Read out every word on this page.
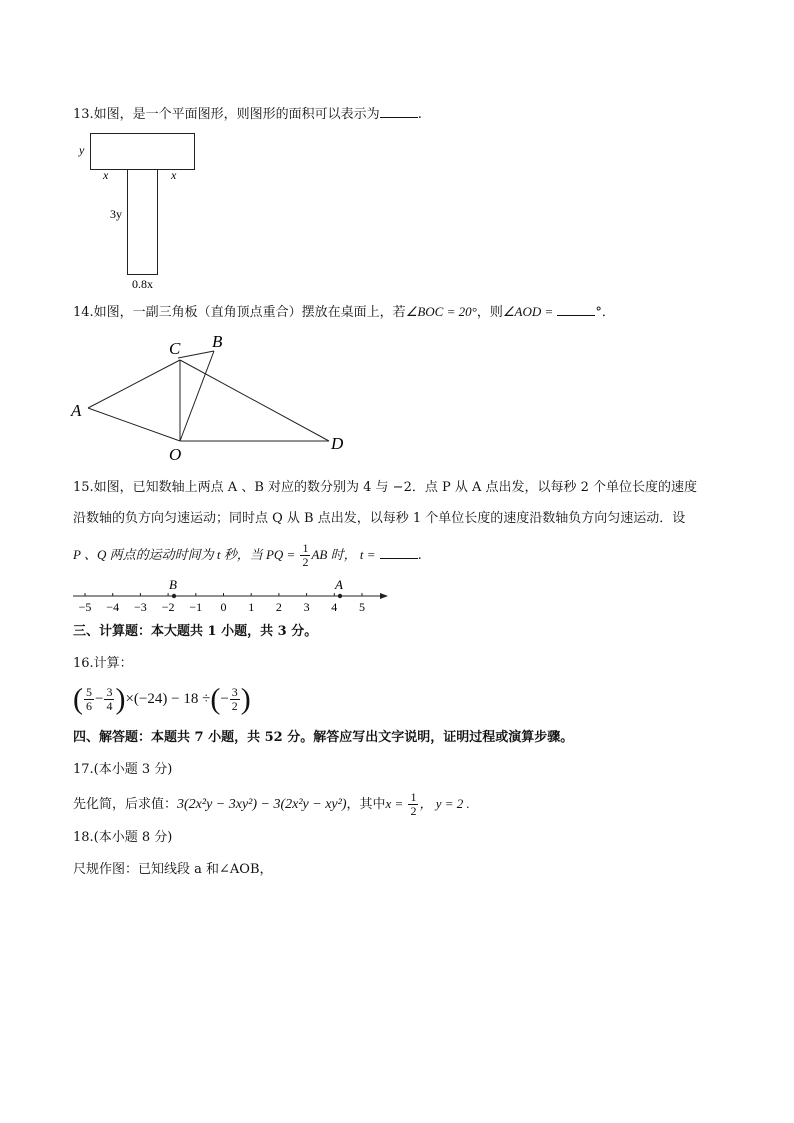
13.如图，是一个平面图形，则图形的面积可以表示为	.
y
x	x
3y
0.8x
14.如图，一副三角板（直角顶点重合）摆放在桌面上，若∠BOC = 20°，则∠AOD =	°．
A
C B
O
D
15.如图，已知数轴上两点 A 、B 对应的数分别为 4 与 −2．点 P 从 A 点出发，以每秒 2 个单位长度的速度
沿数轴的负方向匀速运动；同时点 Q 从 B 点出发，以每秒 1 个单位长度的速度沿数轴负方向匀速运动．设
P 、Q 两点的运动时间为 t 秒，当 PQ = $\frac{1}{2}$ AB 时， t =	.
−5 −4 −3 −2 −1 0 1 2 3 4 5
B	A
三、计算题：本大题共 1 小题，共 3 分。
16.计算：
( $\frac{5}{6} - \frac{3}{4} )\times(-24) - 18$ ÷(− $\frac{3}{2}$ )
四、解答题：本题共 7 小题，共 52 分。解答应写出文字说明，证明过程或演算步骤。
17.(本小题 3 分)
先化简，后求值：3(2x²y − 3xy²) − 3(2x²y − xy²)，其中$x = \frac{1}{2}$ ， y = 2 .
18.(本小题 8 分)
尺规作图：已知线段 a 和∠AOB，
